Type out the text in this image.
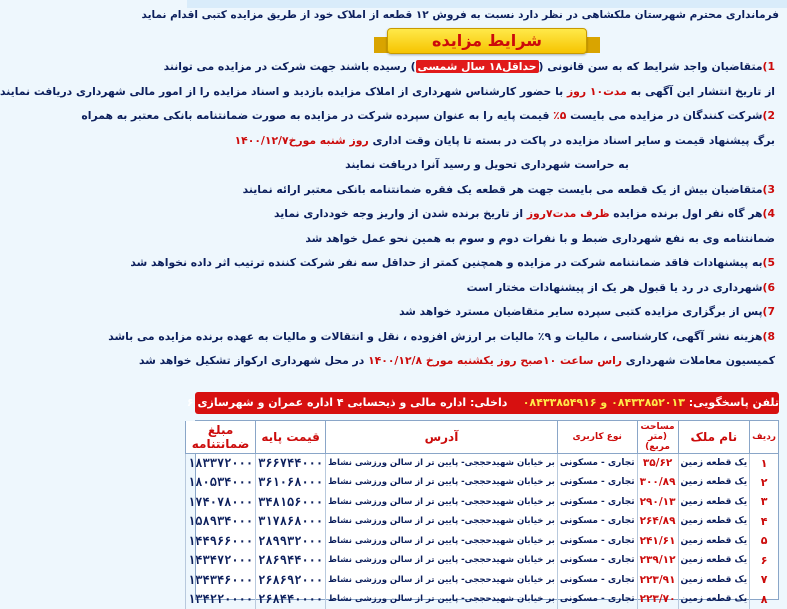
فرمانداری محترم شهرستان ملکشاهی در نظر دارد نسبت به فروش ۱۲ قطعه از املاک خود از طریق مزایده کتبی اقدام نماید
شرایط مزایده
1)متقاضیان واجد شرایط که به سن قانونی (حداقل۱۸ سال شمسی) رسیده باشند جهت شرکت در مزایده می توانند
از تاریخ انتشار این آگهی به مدت۱۰ روز با حضور کارشناس شهرداری از املاک مزایده بازدید و اسناد مزایده را از امور مالی شهرداری دریافت نمایند
2)شرکت کنندگان در مزایده می بایست ۵٪ قیمت پایه را به عنوان سپرده شرکت در مزایده به صورت ضمانتنامه بانکی معتبر به همراه
برگ پیشنهاد قیمت و سایر اسناد مزایده در پاکت در بسته تا پایان وقت اداری روز شنبه مورخ۱۴۰۰/۱۲/۷
به حراست شهرداری تحویل و رسید آنرا دریافت نمایند
3)متقاضیان بیش از یک قطعه می بایست جهت هر قطعه یک فقره ضمانتنامه بانکی معتبر ارائه نمایند
4)هر گاه نفر اول برنده مزایده ظرف مدت۷روز از تاریخ برنده شدن از واریز وجه خودداری نماید
ضمانتنامه وی به نفع شهرداری ضبط و با نفرات دوم و سوم به همین نحو عمل خواهد شد
5)به پیشنهادات فاقد ضمانتنامه شرکت در مزایده و همچنین کمتر از حداقل سه نفر شرکت کننده ترتیب اثر داده نخواهد شد
6)شهرداری در رد یا قبول هر یک از پیشنهادات مختار است
7)پس از برگزاری مزایده کتبی سپرده سایر متقاضیان مسترد خواهد شد
8)هزینه نشر آگهی، کارشناسی ، مالیات و ۹٪ مالیات بر ارزش افزوده ، نقل و انتقالات و مالیات به عهده برنده مزایده می باشد
کمیسیون معاملات شهرداری راس ساعت ۱۰صبح روز یکشنبه مورخ ۱۴۰۰/۱۲/۸ در محل شهرداری ارکواز تشکیل خواهد شد
تلفن پاسخگویی: ۰۸۴۳۳۸۵۲۰۱۳ و ۰۸۴۳۳۸۵۴۹۱۶    داخلی: اداره مالی و ذیحسابی ۴ اداره عمران و شهرسازی ۶
ردیف	نام ملک	مساحت (متر مربع)	نوع کاربری	آدرس	قیمت پایه	مبلغ ضمانتنامه
۱	یک قطعه زمین	۳۵/۶۲	تجاری - مسکونی	بر خیابان شهیدحججی- پایین تر از سالن ورزشی نشاط	۳۶۶۷۴۴۰۰۰	۱۸۳۳۷۲۰۰۰
۲	یک قطعه زمین	۳۰۰/۸۹	تجاری - مسکونی	بر خیابان شهیدحججی- پایین تر از سالن ورزشی نشاط	۳۶۱۰۶۸۰۰۰	۱۸۰۵۳۴۰۰۰
۳	یک قطعه زمین	۲۹۰/۱۳	تجاری - مسکونی	بر خیابان شهیدحججی- پایین تر از سالن ورزشی نشاط	۳۴۸۱۵۶۰۰۰	۱۷۴۰۷۸۰۰۰
۴	یک قطعه زمین	۲۶۴/۸۹	تجاری - مسکونی	بر خیابان شهیدحججی- پایین تر از سالن ورزشی نشاط	۳۱۷۸۶۸۰۰۰	۱۵۸۹۳۴۰۰۰
۵	یک قطعه زمین	۲۴۱/۶۱	تجاری - مسکونی	بر خیابان شهیدحججی- پایین تر از سالن ورزشی نشاط	۲۸۹۹۳۲۰۰۰	۱۴۴۹۶۶۰۰۰
۶	یک قطعه زمین	۲۳۹/۱۲	تجاری - مسکونی	بر خیابان شهیدحججی- پایین تر از سالن ورزشی نشاط	۲۸۶۹۴۴۰۰۰	۱۴۳۴۷۲۰۰۰
۷	یک قطعه زمین	۲۲۳/۹۱	تجاری - مسکونی	بر خیابان شهیدحججی- پایین تر از سالن ورزشی نشاط	۲۶۸۶۹۲۰۰۰	۱۳۴۳۴۶۰۰۰
۸	یک قطعه زمین	۲۲۳/۷۰	تجاری - مسکونی	بر خیابان شهیدحججی- پایین تر از سالن ورزشی نشاط	۲۶۸۴۴۰۰۰۰	۱۳۴۲۲۰۰۰۰
